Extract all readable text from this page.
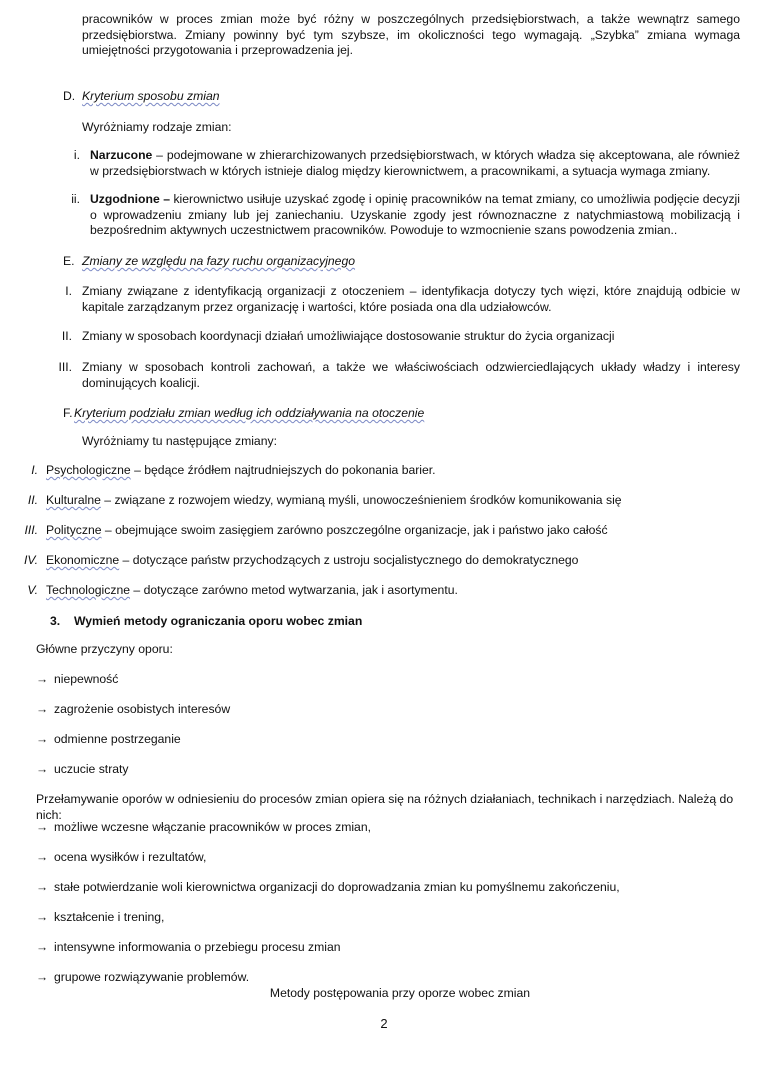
pracowników w proces zmian może być różny w poszczególnych przedsiębiorstwach, a także wewnątrz samego przedsiębiorstwa. Zmiany powinny być tym szybsze, im okoliczności tego wymagają. „Szybka” zmiana wymaga umiejętności przygotowania i przeprowadzenia jej.

D. Kryterium sposobu zmian

Wyróżniamy rodzaje zmian:

i. Narzucone – podejmowane w zhierarchizowanych przedsiębiorstwach, w których władza się akceptowana, ale również w przedsiębiorstwach w których istnieje dialog między kierownictwem, a pracownikami, a sytuacja wymaga zmiany.

ii. Uzgodnione – kierownictwo usiłuje uzyskać zgodę i opinię pracowników na temat zmiany, co umożliwia podjęcie decyzji o wprowadzeniu zmiany lub jej zaniechaniu. Uzyskanie zgody jest równoznaczne z natychmiastową mobilizacją i bezpośrednim aktywnych uczestnictwem pracowników. Powoduje to wzmocnienie szans powodzenia zmian..

E. Zmiany ze względu na fazy ruchu organizacyjnego
I. Zmiany związane z identyfikacją organizacji z otoczeniem – identyfikacja dotyczy tych więzi, które znajdują odbicie w kapitale zarządzanym przez organizację i wartości, które posiada ona dla udziałowców.

II. Zmiany w sposobach koordynacji działań umożliwiające dostosowanie struktur do życia organizacji

III. Zmiany w sposobach kontroli zachowań, a także we właściwościach odzwierciedlających układy władzy i interesy dominujących koalicji.

F. Kryterium podziału zmian według ich oddziaływania na otoczenie

Wyróżniamy tu następujące zmiany:

I. Psychologiczne – będące źródłem najtrudniejszych do pokonania barier.

II. Kulturalne – związane z rozwojem wiedzy, wymianą myśli, unowocześnieniem środków komunikowania się

III. Polityczne – obejmujące swoim zasięgiem zarówno poszczególne organizacje, jak i państwo jako całość

IV. Ekonomiczne – dotyczące państw przychodzących z ustroju socjalistycznego do demokratycznego

V. Technologiczne – dotyczące zarówno metod wytwarzania, jak i asortymentu.

3. Wymień metody ograniczania oporu wobec zmian

Główne przyczyny oporu:

→ niepewność

→ zagrożenie osobistych interesów

→ odmienne postrzeganie

→ uczucie straty

Przełamywanie oporów w odniesieniu do procesów zmian opiera się na różnych działaniach, technikach i narzędziach. Należą do nich:

→ możliwe wczesne włączanie pracowników w proces zmian,

→ ocena wysiłków i rezultatów,

→ stałe potwierdzanie woli kierownictwa organizacji do doprowadzania zmian ku pomyślnemu zakończeniu,

→ kształcenie i trening,

→ intensywne informowania o przebiegu procesu zmian

→ grupowe rozwiązywanie problemów.

Metody postępowania przy oporze wobec zmian

2
